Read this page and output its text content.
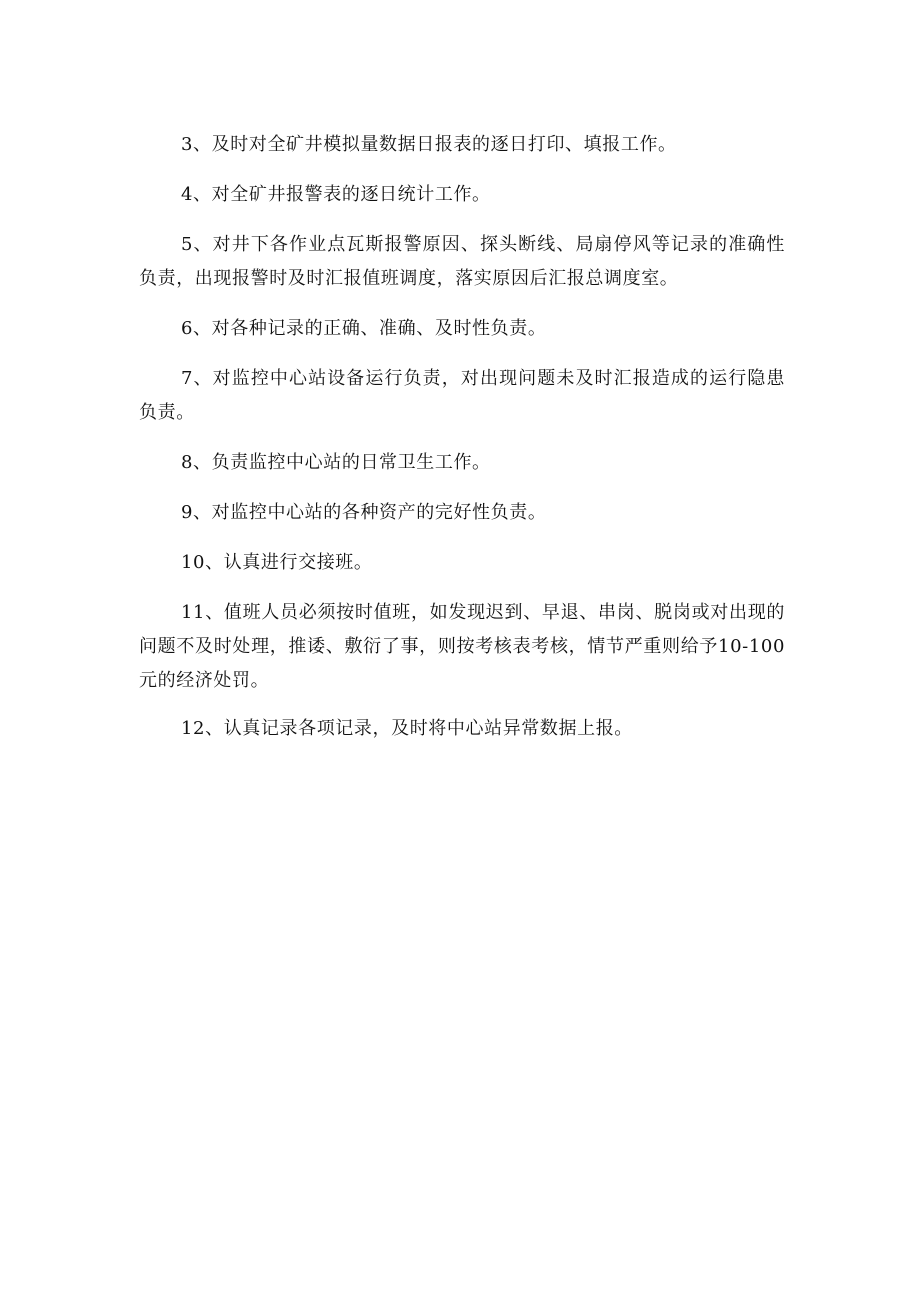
3、及时对全矿井模拟量数据日报表的逐日打印、填报工作。

4、对全矿井报警表的逐日统计工作。

5、对井下各作业点瓦斯报警原因、探头断线、局扇停风等记录的准确性负责，出现报警时及时汇报值班调度，落实原因后汇报总调度室。

6、对各种记录的正确、准确、及时性负责。

7、对监控中心站设备运行负责，对出现问题未及时汇报造成的运行隐患负责。

8、负责监控中心站的日常卫生工作。

9、对监控中心站的各种资产的完好性负责。

10、认真进行交接班。

11、值班人员必须按时值班，如发现迟到、早退、串岗、脱岗或对出现的问题不及时处理，推诿、敷衍了事，则按考核表考核，情节严重则给予10-100元的经济处罚。

12、认真记录各项记录，及时将中心站异常数据上报。
